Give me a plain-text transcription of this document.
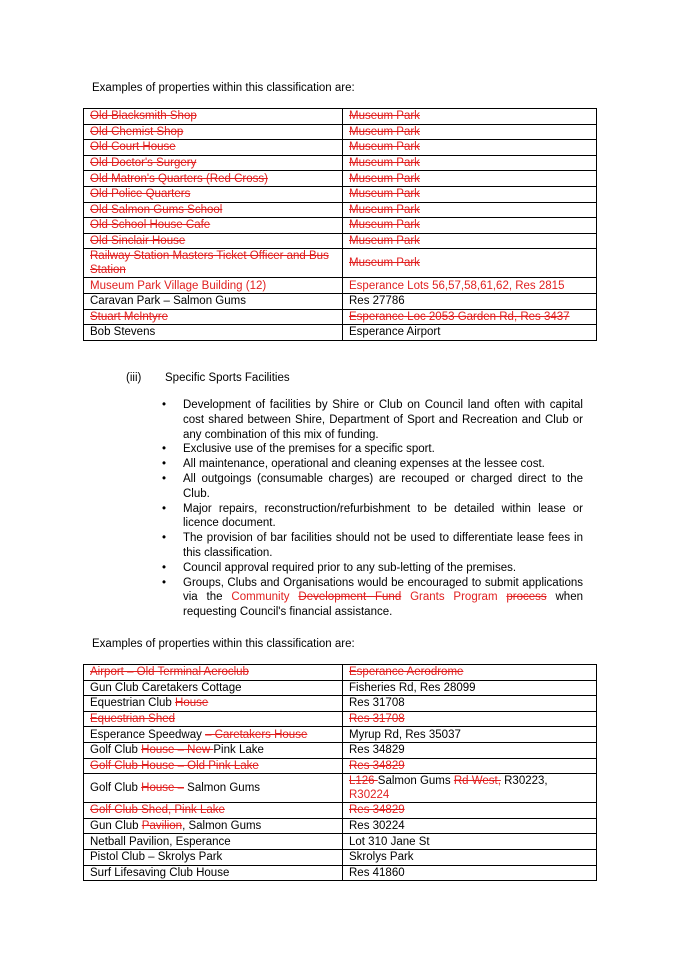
Examples of properties within this classification are:

Old Blacksmith Shop	Museum Park
Old Chemist Shop	Museum Park
Old Court House	Museum Park
Old Doctor's Surgery	Museum Park
Old Matron's Quarters (Red Cross)	Museum Park
Old Police Quarters	Museum Park
Old Salmon Gums School	Museum Park
Old School House Cafe	Museum Park
Old Sinclair House	Museum Park
Railway Station Masters Ticket Officer and Bus Station	Museum Park
Museum Park Village Building (12)	Esperance Lots 56,57,58,61,62, Res 2815
Caravan Park – Salmon Gums	Res 27786
Stuart McIntyre	Esperance Loc 2053 Garden Rd, Res 3437
Bob Stevens	Esperance Airport

(iii) Specific Sports Facilities

• Development of facilities by Shire or Club on Council land often with capital cost shared between Shire, Department of Sport and Recreation and Club or any combination of this mix of funding.
• Exclusive use of the premises for a specific sport.
• All maintenance, operational and cleaning expenses at the lessee cost.
• All outgoings (consumable charges) are recouped or charged direct to the Club.
• Major repairs, reconstruction/refurbishment to be detailed within lease or licence document.
• The provision of bar facilities should not be used to differentiate lease fees in this classification.
• Council approval required prior to any sub-letting of the premises.
• Groups, Clubs and Organisations would be encouraged to submit applications via the Community Development Fund Grants Program process when requesting Council's financial assistance.

Examples of properties within this classification are:

Airport – Old Terminal Aeroclub	Esperance Aerodrome
Gun Club Caretakers Cottage	Fisheries Rd, Res 28099
Equestrian Club House	Res 31708
Equestrian Shed	Res 31708
Esperance Speedway – Caretakers House	Myrup Rd, Res 35037
Golf Club House – New Pink Lake	Res 34829
Golf Club House – Old Pink Lake	Res 34829
Golf Club House – Salmon Gums	L126 Salmon Gums Rd West, R30223, R30224
Golf Club Shed, Pink Lake	Res 34829
Gun Club Pavilion, Salmon Gums	Res 30224
Netball Pavilion, Esperance	Lot 310 Jane St
Pistol Club – Skrolys Park	Skrolys Park
Surf Lifesaving Club House	Res 41860
